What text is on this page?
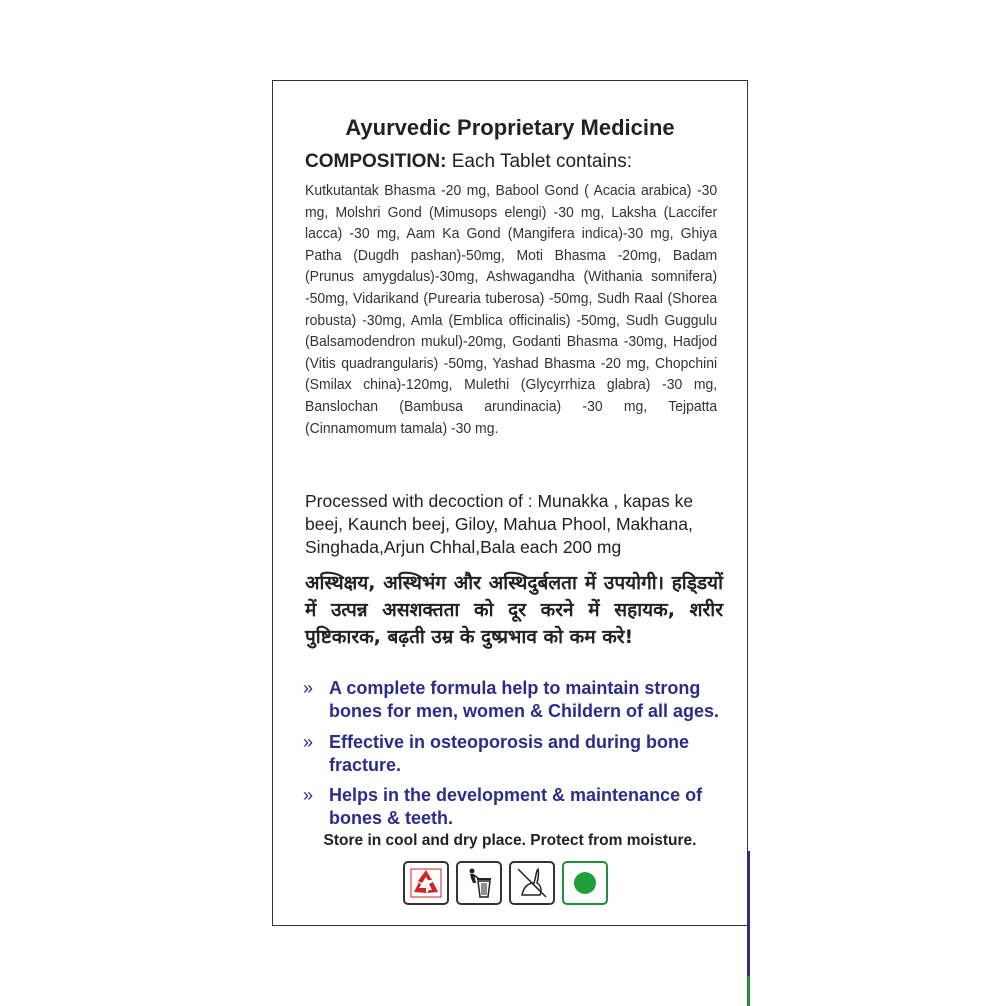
Ayurvedic Proprietary Medicine
COMPOSITION: Each Tablet contains:
Kutkutantak Bhasma -20 mg, Babool Gond ( Acacia arabica) -30 mg, Molshri Gond (Mimusops elengi) -30 mg, Laksha (Laccifer lacca) -30 mg, Aam Ka Gond (Mangifera indica)-30 mg, Ghiya Patha (Dugdh pashan)-50mg, Moti Bhasma -20mg, Badam (Prunus amygdalus)-30mg, Ashwagandha (Withania somnifera) -50mg, Vidarikand (Purearia tuberosa) -50mg, Sudh Raal (Shorea robusta) -30mg, Amla (Emblica officinalis) -50mg, Sudh Guggulu (Balsamodendron mukul)-20mg, Godanti Bhasma -30mg, Hadjod (Vitis quadrangularis) -50mg, Yashad Bhasma -20 mg, Chopchini (Smilax china)-120mg, Mulethi (Glycyrrhiza glabra) -30 mg, Banslochan (Bambusa arundinacia) -30 mg, Tejpatta (Cinnamomum tamala) -30 mg.
Processed with decoction of : Munakka , kapas ke beej, Kaunch beej, Giloy, Mahua Phool, Makhana, Singhada,Arjun Chhal,Bala each 200 mg
अस्थिक्षय, अस्थिभंग और अस्थिदुर्बलता में उपयोगी। हडि्डयों में उत्पन्न असशक्तता को दूर करने में सहायक, शरीर पुष्टिकारक, बढ़ती उम्र के दुष्प्रभाव को कम करे!
» A complete formula help to maintain strong bones for men, women & Childern of all ages.
» Effective in osteoporosis and during bone fracture.
» Helps in the development & maintenance of bones & teeth.
Store in cool and dry place. Protect from moisture.
